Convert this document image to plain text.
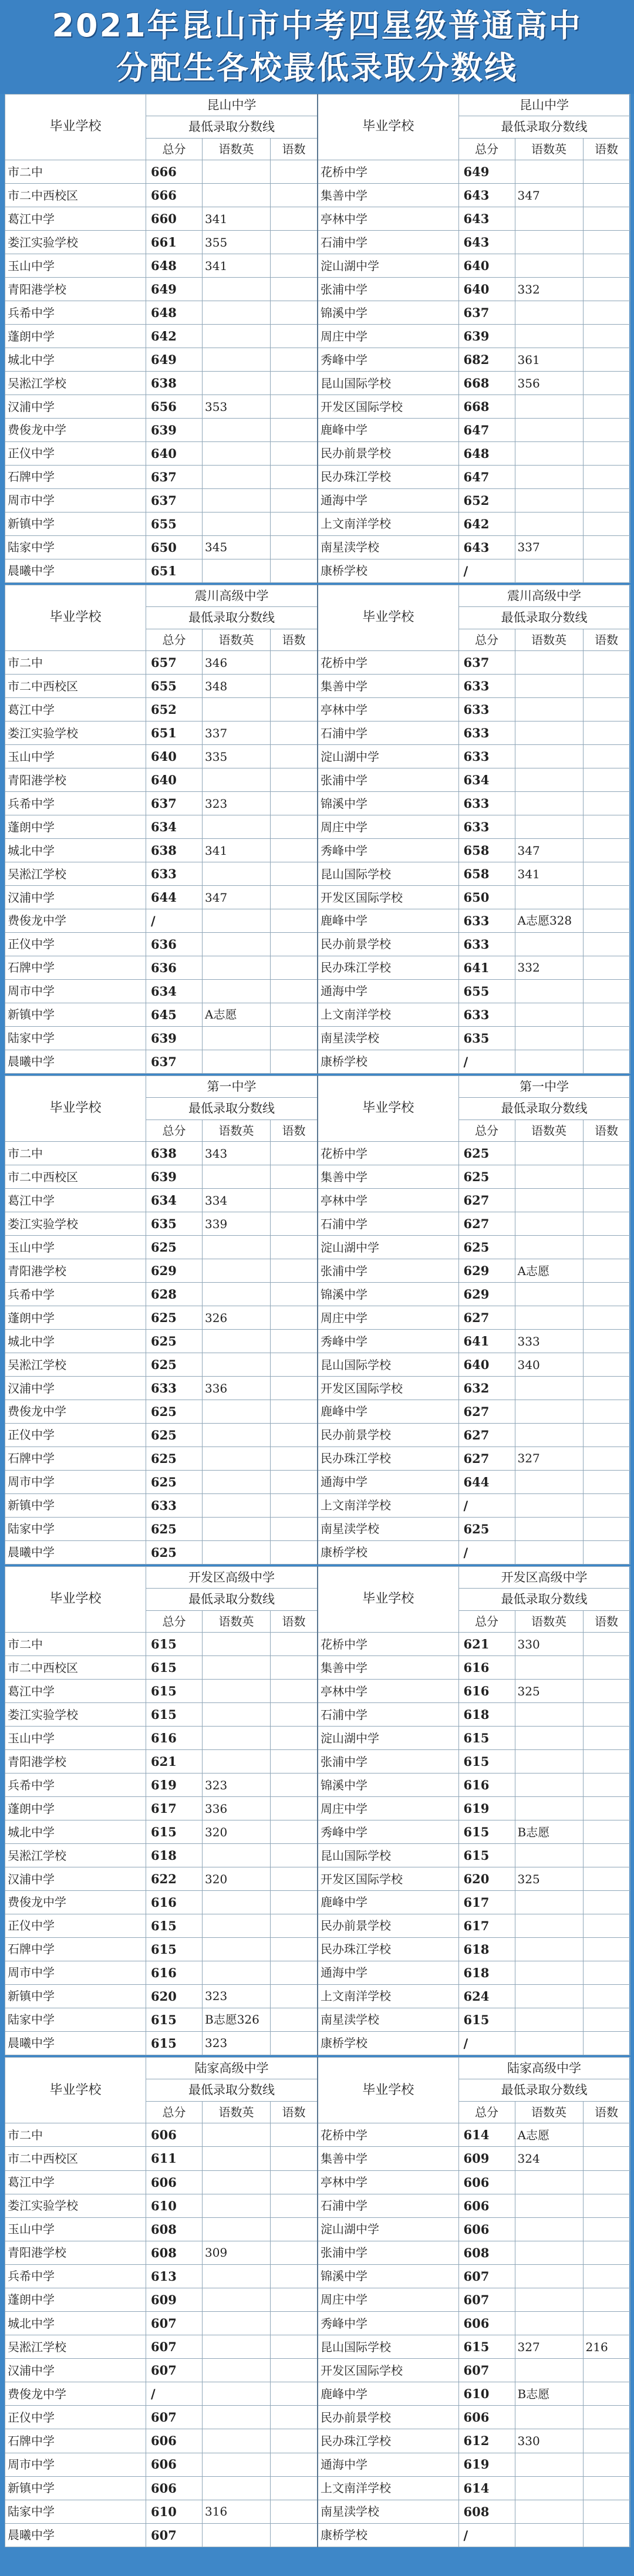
2021年昆山市中考四星级普通高中
分配生各校最低录取分数线
毕业学校	昆山中学		
	最低录取分数线		
	总分	语数英	语数
市二中	666		
市二中西校区	666		
葛江中学	660	341	
娄江实验学校	661	355	
玉山中学	648	341	
青阳港学校	649		
兵希中学	648		
蓬朗中学	642		
城北中学	649		
吴淞江学校	638		
汉浦中学	656	353	
费俊龙中学	639		
正仪中学	640		
石牌中学	637		
周市中学	637		
新镇中学	655		
陆家中学	650	345	
晨曦中学	651		
毕业学校	昆山中学		
	最低录取分数线		
	总分	语数英	语数
花桥中学	649		
集善中学	643	347	
亭林中学	643		
石浦中学	643		
淀山湖中学	640		
张浦中学	640	332	
锦溪中学	637		
周庄中学	639		
秀峰中学	682	361	
昆山国际学校	668	356	
开发区国际学校	668		
鹿峰中学	647		
民办前景学校	648		
民办珠江学校	647		
通海中学	652		
上文南洋学校	642		
南星渎学校	643	337	
康桥学校	/		
毕业学校	震川高级中学		
	最低录取分数线		
	总分	语数英	语数
市二中	657	346	
市二中西校区	655	348	
葛江中学	652		
娄江实验学校	651	337	
玉山中学	640	335	
青阳港学校	640		
兵希中学	637	323	
蓬朗中学	634		
城北中学	638	341	
吴淞江学校	633		
汉浦中学	644	347	
费俊龙中学	/		
正仪中学	636		
石牌中学	636		
周市中学	634		
新镇中学	645	A志愿	
陆家中学	639		
晨曦中学	637		
毕业学校	震川高级中学		
	最低录取分数线		
	总分	语数英	语数
花桥中学	637		
集善中学	633		
亭林中学	633		
石浦中学	633		
淀山湖中学	633		
张浦中学	634		
锦溪中学	633		
周庄中学	633		
秀峰中学	658	347	
昆山国际学校	658	341	
开发区国际学校	650		
鹿峰中学	633	A志愿328	
民办前景学校	633		
民办珠江学校	641	332	
通海中学	655		
上文南洋学校	633		
南星渎学校	635		
康桥学校	/		
毕业学校	第一中学		
	最低录取分数线		
	总分	语数英	语数
市二中	638	343	
市二中西校区	639		
葛江中学	634	334	
娄江实验学校	635	339	
玉山中学	625		
青阳港学校	629		
兵希中学	628		
蓬朗中学	625	326	
城北中学	625		
吴淞江学校	625		
汉浦中学	633	336	
费俊龙中学	625		
正仪中学	625		
石牌中学	625		
周市中学	625		
新镇中学	633		
陆家中学	625		
晨曦中学	625		
毕业学校	第一中学		
	最低录取分数线		
	总分	语数英	语数
花桥中学	625		
集善中学	625		
亭林中学	627		
石浦中学	627		
淀山湖中学	625		
张浦中学	629	A志愿	
锦溪中学	629		
周庄中学	627		
秀峰中学	641	333	
昆山国际学校	640	340	
开发区国际学校	632		
鹿峰中学	627		
民办前景学校	627		
民办珠江学校	627	327	
通海中学	644		
上文南洋学校	/		
南星渎学校	625		
康桥学校	/		
毕业学校	开发区高级中学		
	最低录取分数线		
	总分	语数英	语数
市二中	615		
市二中西校区	615		
葛江中学	615		
娄江实验学校	615		
玉山中学	616		
青阳港学校	621		
兵希中学	619	323	
蓬朗中学	617	336	
城北中学	615	320	
吴淞江学校	618		
汉浦中学	622	320	
费俊龙中学	616		
正仪中学	615		
石牌中学	615		
周市中学	616		
新镇中学	620	323	
陆家中学	615	B志愿326	
晨曦中学	615	323	
毕业学校	开发区高级中学		
	最低录取分数线		
	总分	语数英	语数
花桥中学	621	330	
集善中学	616		
亭林中学	616	325	
石浦中学	618		
淀山湖中学	615		
张浦中学	615		
锦溪中学	616		
周庄中学	619		
秀峰中学	615	B志愿	
昆山国际学校	615		
开发区国际学校	620	325	
鹿峰中学	617		
民办前景学校	617		
民办珠江学校	618		
通海中学	618		
上文南洋学校	624		
南星渎学校	615		
康桥学校	/		
毕业学校	陆家高级中学		
	最低录取分数线		
	总分	语数英	语数
市二中	606		
市二中西校区	611		
葛江中学	606		
娄江实验学校	610		
玉山中学	608		
青阳港学校	608	309	
兵希中学	613		
蓬朗中学	609		
城北中学	607		
吴淞江学校	607		
汉浦中学	607		
费俊龙中学	/		
正仪中学	607		
石牌中学	606		
周市中学	606		
新镇中学	606		
陆家中学	610	316	
晨曦中学	607		
毕业学校	陆家高级中学		
	最低录取分数线		
	总分	语数英	语数
花桥中学	614	A志愿	
集善中学	609	324	
亭林中学	606		
石浦中学	606		
淀山湖中学	606		
张浦中学	608		
锦溪中学	607		
周庄中学	607		
秀峰中学	606		
昆山国际学校	615	327	216
开发区国际学校	607		
鹿峰中学	610	B志愿	
民办前景学校	606		
民办珠江学校	612	330	
通海中学	619		
上文南洋学校	614		
南星渎学校	608		
康桥学校	/		
